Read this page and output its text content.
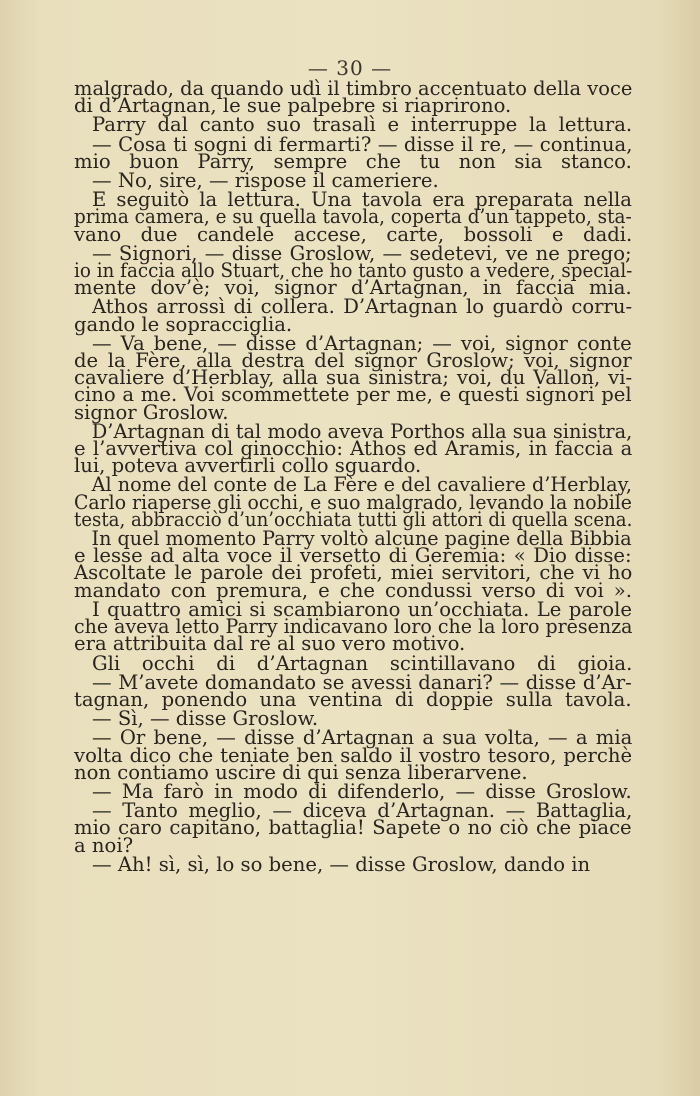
— 30 —
malgrado, da quando udì il timbro accentuato della voce
di d’Artagnan, le sue palpebre si riaprirono.
Parry dal canto suo trasalì e interruppe la lettura.
— Cosa ti sogni di fermarti? — disse il re, — continua,
mio buon Parry, sempre che tu non sia stanco.
— No, sire, — rispose il cameriere.
E seguitò la lettura. Una tavola era preparata nella
prima camera, e su quella tavola, coperta d’un tappeto, sta-
vano due candele accese, carte, bossoli e dadi.
— Signori, — disse Groslow, — sedetevi, ve ne prego;
io in faccia allo Stuart, che ho tanto gusto a vedere, special-
mente dov’è; voi, signor d’Artagnan, in faccia mia.
Athos arrossì di collera. D’Artagnan lo guardò corru-
gando le sopracciglia.
— Va bene, — disse d’Artagnan; — voi, signor conte
de la Fère, alla destra del signor Groslow; voi, signor
cavaliere d’Herblay, alla sua sinistra; voi, du Vallon, vi-
cino a me. Voi scommettete per me, e questi signori pel
signor Groslow.
D’Artagnan di tal modo aveva Porthos alla sua sinistra,
e l’avvertiva col ginocchio: Athos ed Aramis, in faccia a
lui, poteva avvertirli collo sguardo.
Al nome del conte de La Fère e del cavaliere d’Herblay,
Carlo riaperse gli occhi, e suo malgrado, levando la nobile
testa, abbracciò d’un’occhiata tutti gli attori di quella scena.
In quel momento Parry voltò alcune pagine della Bibbia
e lesse ad alta voce il versetto di Geremia: « Dio disse:
Ascoltate le parole dei profeti, miei servitori, che vi ho
mandato con premura, e che condussi verso di voi ».
I quattro amici si scambiarono un’occhiata. Le parole
che aveva letto Parry indicavano loro che la loro presenza
era attribuita dal re al suo vero motivo.
Gli occhi di d’Artagnan scintillavano di gioia.
— M’avete domandato se avessi danari? — disse d’Ar-
tagnan, ponendo una ventina di doppie sulla tavola.
— Sì, — disse Groslow.
— Or bene, — disse d’Artagnan a sua volta, — a mia
volta dico che teniate ben saldo il vostro tesoro, perchè
non contiamo uscire di qui senza liberarvene.
— Ma farò in modo di difenderlo, — disse Groslow.
— Tanto meglio, — diceva d’Artagnan. — Battaglia,
mio caro capitano, battaglia! Sapete o no ciò che piace
a noi?
— Ah! sì, sì, lo so bene, — disse Groslow, dando in
